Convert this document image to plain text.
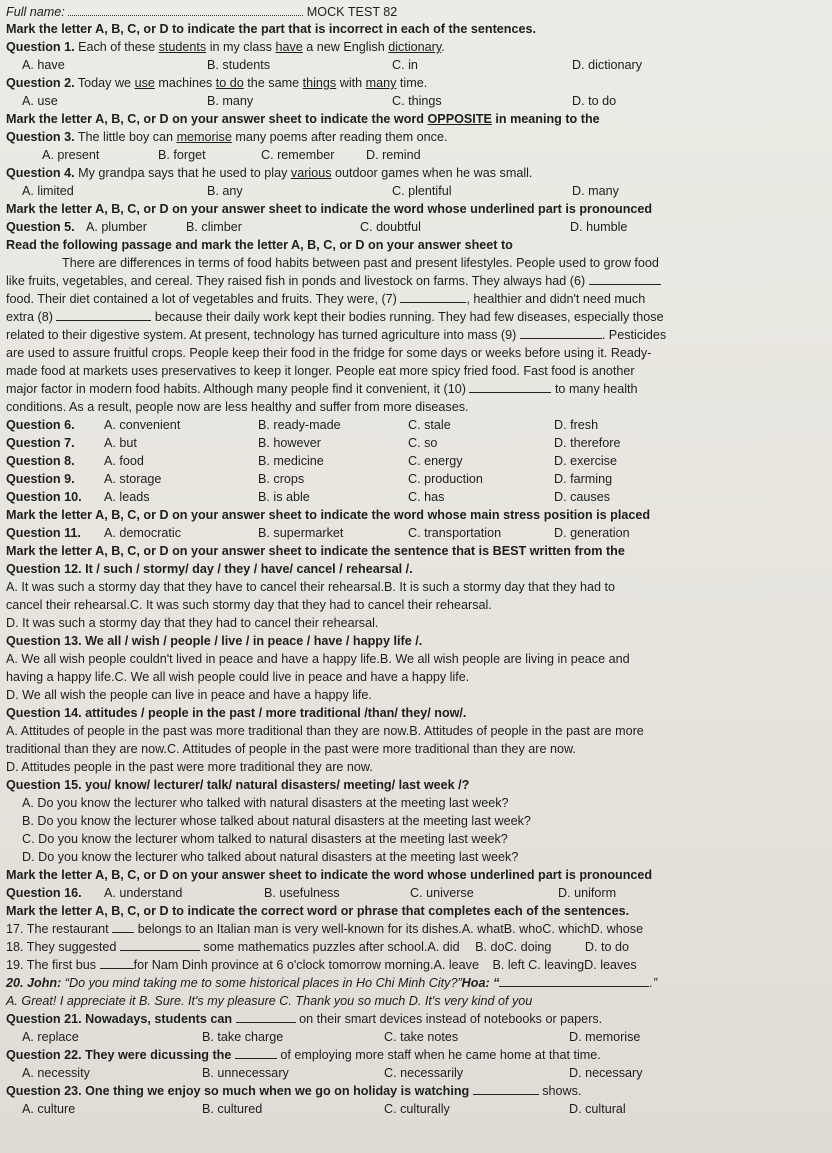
Full name:	MOCK TEST 82
Mark the letter A, B, C, or D to indicate the part that is incorrect in each of the sentences.
Question 1. Each of these students in my class have a new English dictionary.
A. have	B. students	C. in	D. dictionary
Question 2. Today we use machines to do the same things with many time.
A. use	B. many	C. things	D. to do
Mark the letter A, B, C, or D on your answer sheet to indicate the word OPPOSITE in meaning to the
Question 3. The little boy can memorise many poems after reading them once.
A. present	B. forget	C. remember	D. remind
Question 4. My grandpa says that he used to play various outdoor games when he was small.
A. limited	B. any	C. plentiful	D. many
Mark the letter A, B, C, or D on your answer sheet to indicate the word whose underlined part is pronounced
Question 5. A. plumber	B. climber	C. doubtful	D. humble
Read the following passage and mark the letter A, B, C, or D on your answer sheet to
There are differences in terms of food habits between past and present lifestyles. People used to grow food
like fruits, vegetables, and cereal. They raised fish in ponds and livestock on farms. They always had (6)
food. Their diet contained a lot of vegetables and fruits. They were, (7)	, healthier and didn't need much
extra (8)	because their daily work kept their bodies running. They had few diseases, especially those
related to their digestive system. At present, technology has turned agriculture into mass (9)	. Pesticides
are used to assure fruitful crops. People keep their food in the fridge for some days or weeks before using it. Ready-
made food at markets uses preservatives to keep it longer. People eat more spicy fried food. Fast food is another
major factor in modern food habits. Although many people find it convenient, it (10)	to many health
conditions. As a result, people now are less healthy and suffer from more diseases.
Question 6. A. convenient	B. ready-made	C. stale	D. fresh
Question 7. A. but	B. however	C. so	D. therefore
Question 8. A. food	B. medicine	C. energy	D. exercise
Question 9. A. storage	B. crops	C. production	D. farming
Question 10. A. leads	B. is able	C. has	D. causes
Mark the letter A, B, C, or D on your answer sheet to indicate the word whose main stress position is placed
Question 11. A. democratic	B. supermarket	C. transportation	D. generation
Mark the letter A, B, C, or D on your answer sheet to indicate the sentence that is BEST written from the
Question 12. It / such / stormy/ day / they / have/ cancel / rehearsal /.
A. It was such a stormy day that they have to cancel their rehearsal.B. It is such a stormy day that they had to
cancel their rehearsal.C. It was such stormy day that they had to cancel their rehearsal.
D. It was such a stormy day that they had to cancel their rehearsal.
Question 13. We all / wish / people / live / in peace / have / happy life /.
A. We all wish people couldn't lived in peace and have a happy life.B. We all wish people are living in peace and
having a happy life.C. We all wish people could live in peace and have a happy life.
D. We all wish the people can live in peace and have a happy life.
Question 14. attitudes / people in the past / more traditional /than/ they/ now/.
A. Attitudes of people in the past was more traditional than they are now.B. Attitudes of people in the past are more
traditional than they are now.C. Attitudes of people in the past were more traditional than they are now.
D. Attitudes people in the past were more traditional they are now.
Question 15. you/ know/ lecturer/ talk/ natural disasters/ meeting/ last week /?
A. Do you know the lecturer who talked with natural disasters at the meeting last week?
B. Do you know the lecturer whose talked about natural disasters at the meeting last week?
C. Do you know the lecturer whom talked to natural disasters at the meeting last week?
D. Do you know the lecturer who talked about natural disasters at the meeting last week?
Mark the letter A, B, C, or D on your answer sheet to indicate the word whose underlined part is pronounced
Question 16. A. understand	B. usefulness	C. universe	D. uniform
Mark the letter A, B, C, or D to indicate the correct word or phrase that completes each of the sentences.
17. The restaurant belongs to an Italian man is very well-known for its dishes.A. whatB. whoC. whichD. whose
18. They suggested	some mathematics puzzles after school.A. did B. doC. doing	D. to do
19. The first bus	for Nam Dinh province at 6 o'clock tomorrow morning.A. leave B. left C. leavingD. leaves
20. John: “Do you mind taking me to some historical places in Ho Chi Minh City?”Hoa: “	.”
A. Great! I appreciate it B. Sure. It's my pleasure C. Thank you so much D. It's very kind of you
Question 21. Nowadays, students can	on their smart devices instead of notebooks or papers.
A. replace	B. take charge	C. take notes	D. memorise
Question 22. They were dicussing the	of employing more staff when he came home at that time.
A. necessity	B. unnecessary	C. necessarily	D. necessary
Question 23. One thing we enjoy so much when we go on holiday is watching	shows.
A. culture	B. cultured	C. culturally	D. cultural
